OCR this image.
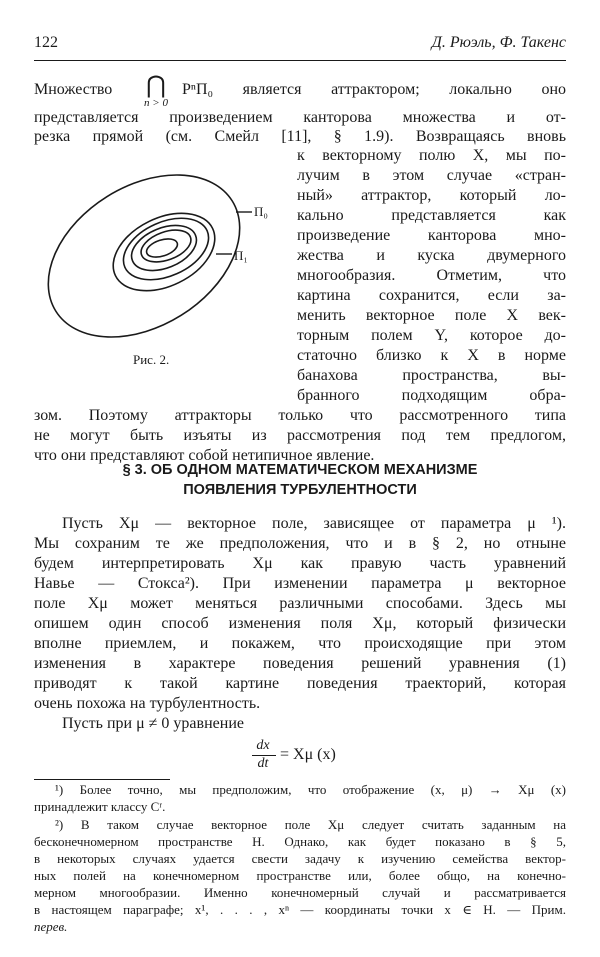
122	Д. Рюэль, Ф. Такенс
Множество	⋂
n > 0
PⁿΠ₀ является аттрактором; локально оно
представляется произведением канторова множества и от-
резка прямой (см. Смейл [11], § 1.9). Возвращаясь вновь
к векторному полю X, мы по-
лучим в этом случае «стран-
ный» аттрактор, который ло-
кально представляется как
произведение канторова мно-
жества и куска двумерного
многообразия. Отметим, что
картина сохранится, если за-
менить векторное поле X век-
торным полем Y, которое до-
статочно близко к X в норме
банахова пространства, вы-
бранного подходящим обра-
Π₀
Π₁
Рис. 2.
зом. Поэтому аттракторы только что рассмотренного типа
не могут быть изъяты из рассмотрения под тем предлогом,
что они представляют собой нетипичное явление.
§ 3. ОБ ОДНОМ МАТЕМАТИЧЕСКОМ МЕХАНИЗМЕ
ПОЯВЛЕНИЯ ТУРБУЛЕНТНОСТИ
Пусть Xμ — векторное поле, зависящее от параметра μ ¹).
Мы сохраним те же предположения, что и в § 2, но отныне
будем интерпретировать Xμ как правую часть уравнений
Навье — Стокса²). При изменении параметра μ векторное
поле Xμ может меняться различными способами. Здесь мы
опишем один способ изменения поля Xμ, который физически
вполне приемлем, и покажем, что происходящие при этом
изменения в характере поведения решений уравнения (1)
приводят к такой картине поведения траекторий, которая
очень похожа на турбулентность.
Пусть при μ ≠ 0 уравнение
dx
dt
= Xμ (x)
¹) Более точно, мы предположим, что отображение (x, μ) → Xμ (x)
принадлежит классу Cʳ.
²) В таком случае векторное поле Xμ следует считать заданным на
бесконечномерном пространстве H. Однако, как будет показано в § 5,
в некоторых случаях удается свести задачу к изучению семейства вектор-
ных полей на конечномерном пространстве или, более общо, на конечно-
мерном многообразии. Именно конечномерный случай и рассматривается
в настоящем параграфе; x¹, . . . , xⁿ — координаты точки x ∈ H. — Прим.
перев.
